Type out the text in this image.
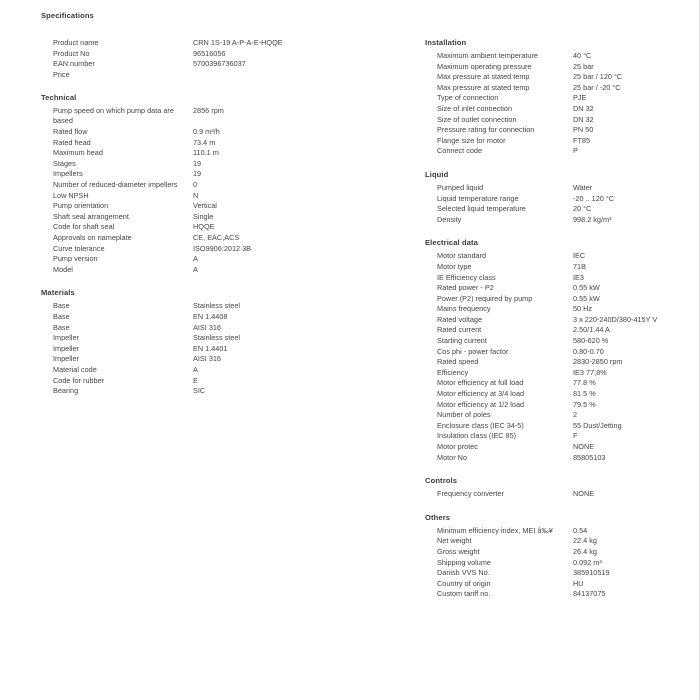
Specifications
Product name	CRN 1S-19 A-P-A-E-HQQE
Product No	96516056
EAN number	5700396736037
Price	
Technical
Pump speed on which pump data are based	2856 rpm
Rated flow	0.9 m³/h
Rated head	73.4 m
Maximum head	110.1 m
Stages	19
Impellers	19
Number of reduced-diameter impellers	0
Low NPSH	N
Pump orientation	Vertical
Shaft seal arrangement	Single
Code for shaft seal	HQQE
Approvals on nameplate	CE, EAC,ACS
Curve tolerance	ISO9906:2012 3B
Pump version	A
Model	A
Materials
Base	Stainless steel
Base	EN 1.4408
Base	AISI 316
Impeller	Stainless steel
Impeller	EN 1.4401
Impeller	AISI 316
Material code	A
Code for rubber	E
Bearing	SIC
Installation
Maximum ambient temperature	40 °C
Maximum operating pressure	25 bar
Max pressure at stated temp	25 bar / 120 °C
Max pressure at stated temp	25 bar / -20 °C
Type of connection	PJE
Size of inlet connection	DN 32
Size of outlet connection	DN 32
Pressure rating for connection	PN 50
Flange size for motor	FT85
Connect code	P
Liquid
Pumped liquid	Water
Liquid temperature range	-20 .. 120 °C
Selected liquid temperature	20 °C
Density	998.2 kg/m³
Electrical data
Motor standard	IEC
Motor type	71B
IE Efficiency class	IE3
Rated power - P2	0.55 kW
Power (P2) required by pump	0.55 kW
Mains frequency	50 Hz
Rated voltage	3 x 220-240D/380-415Y V
Rated current	2.50/1.44 A
Starting current	580-620 %
Cos phi - power factor	0.80-0.70
Rated speed	2830-2850 rpm
Efficiency	IE3 77,8%
Motor efficiency at full load	77.8 %
Motor efficiency at 3/4 load	81.5 %
Motor efficiency at 1/2 load	79.5 %
Number of poles	2
Enclosure class (IEC 34-5)	55 Dust/Jetting
Insulation class (IEC 85)	F
Motor protec	NONE
Motor No	85805103
Controls
Frequency converter	NONE
Others
Minimum efficiency index, MEI â‰¥	0.54
Net weight	22.4 kg
Gross weight	26.4 kg
Shipping volume	0.092 m³
Danish VVS No.	385910519
Country of origin	HU
Custom tariff no.	84137075
